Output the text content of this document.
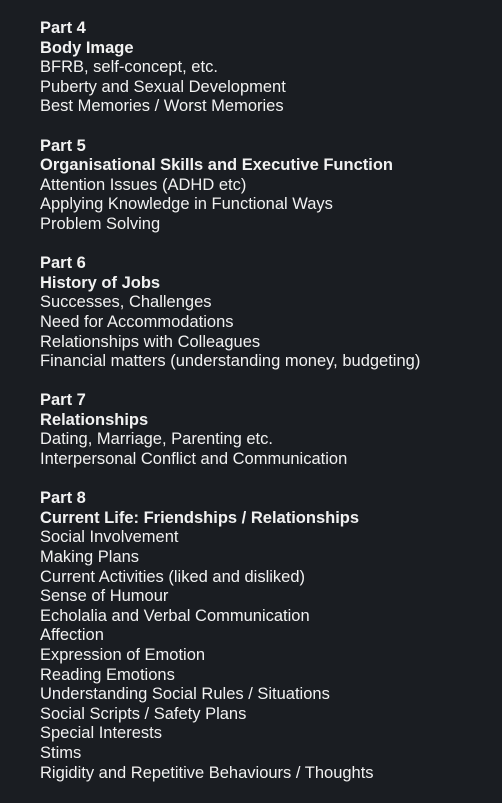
Part 4
Body Image
BFRB, self-concept, etc.
Puberty and Sexual Development
Best Memories / Worst Memories
Part 5
Organisational Skills and Executive Function
Attention Issues (ADHD etc)
Applying Knowledge in Functional Ways
Problem Solving
Part 6
History of Jobs
Successes, Challenges
Need for Accommodations
Relationships with Colleagues
Financial matters (understanding money, budgeting)
Part 7
Relationships
Dating, Marriage, Parenting etc.
Interpersonal Conflict and Communication
Part 8
Current Life: Friendships / Relationships
Social Involvement
Making Plans
Current Activities (liked and disliked)
Sense of Humour
Echolalia and Verbal Communication
Affection
Expression of Emotion
Reading Emotions
Understanding Social Rules / Situations
Social Scripts / Safety Plans
Special Interests
Stims
Rigidity and Repetitive Behaviours / Thoughts
